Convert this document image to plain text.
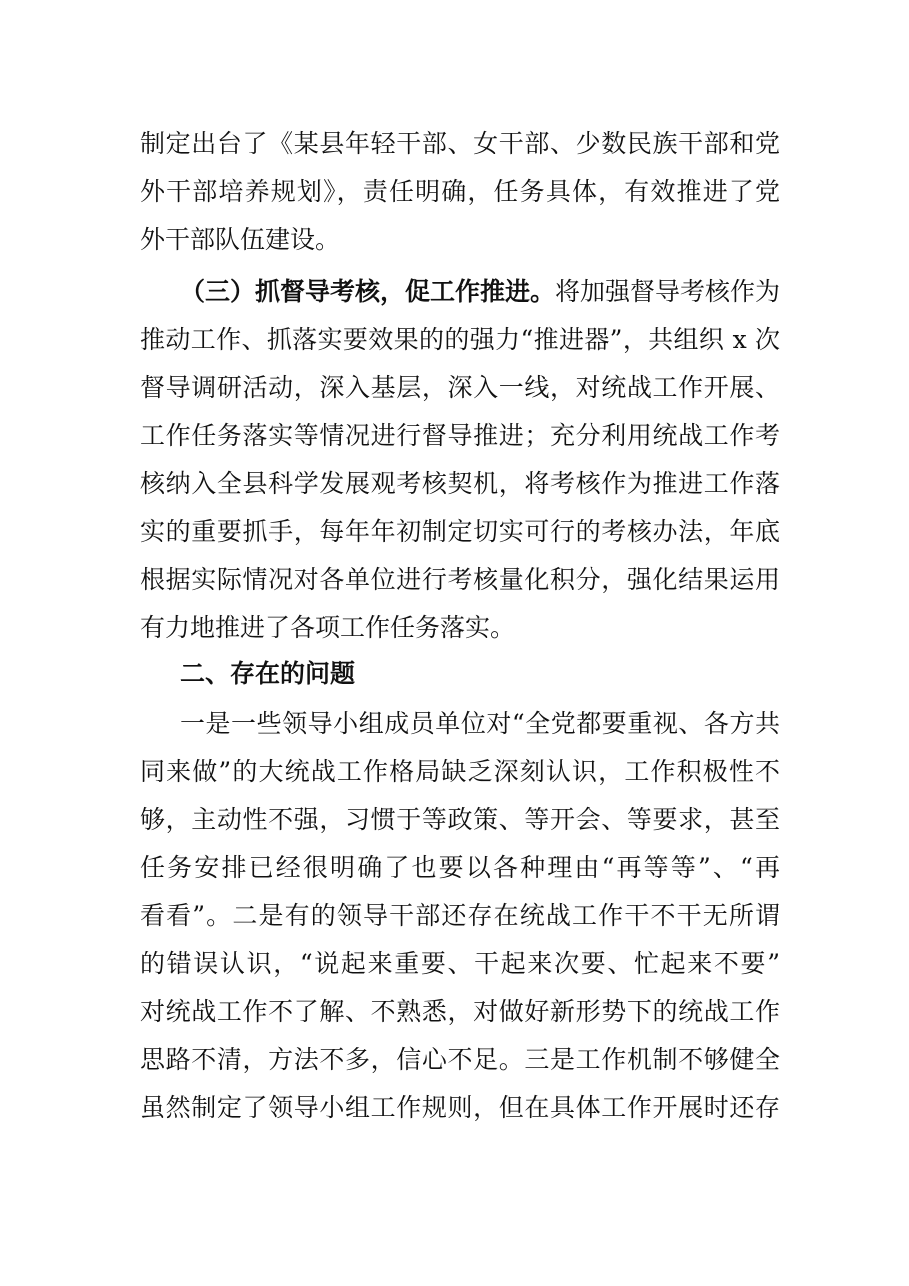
制定出台了《某县年轻干部、女干部、少数民族干部和党
外干部培养规划》，责任明确，任务具体，有效推进了党
外干部队伍建设。
（三）抓督导考核，促工作推进。将加强督导考核作为
推动工作、抓落实要效果的的强力“推进器”，共组织 x 次
督导调研活动，深入基层，深入一线，对统战工作开展、
工作任务落实等情况进行督导推进；充分利用统战工作考
核纳入全县科学发展观考核契机，将考核作为推进工作落
实的重要抓手，每年年初制定切实可行的考核办法，年底
根据实际情况对各单位进行考核量化积分，强化结果运用
有力地推进了各项工作任务落实。
二、存在的问题
一是一些领导小组成员单位对“全党都要重视、各方共
同来做”的大统战工作格局缺乏深刻认识，工作积极性不
够，主动性不强，习惯于等政策、等开会、等要求，甚至
任务安排已经很明确了也要以各种理由“再等等”、“再
看看”。二是有的领导干部还存在统战工作干不干无所谓
的错误认识，“说起来重要、干起来次要、忙起来不要”
对统战工作不了解、不熟悉，对做好新形势下的统战工作
思路不清，方法不多，信心不足。三是工作机制不够健全
虽然制定了领导小组工作规则，但在具体工作开展时还存
